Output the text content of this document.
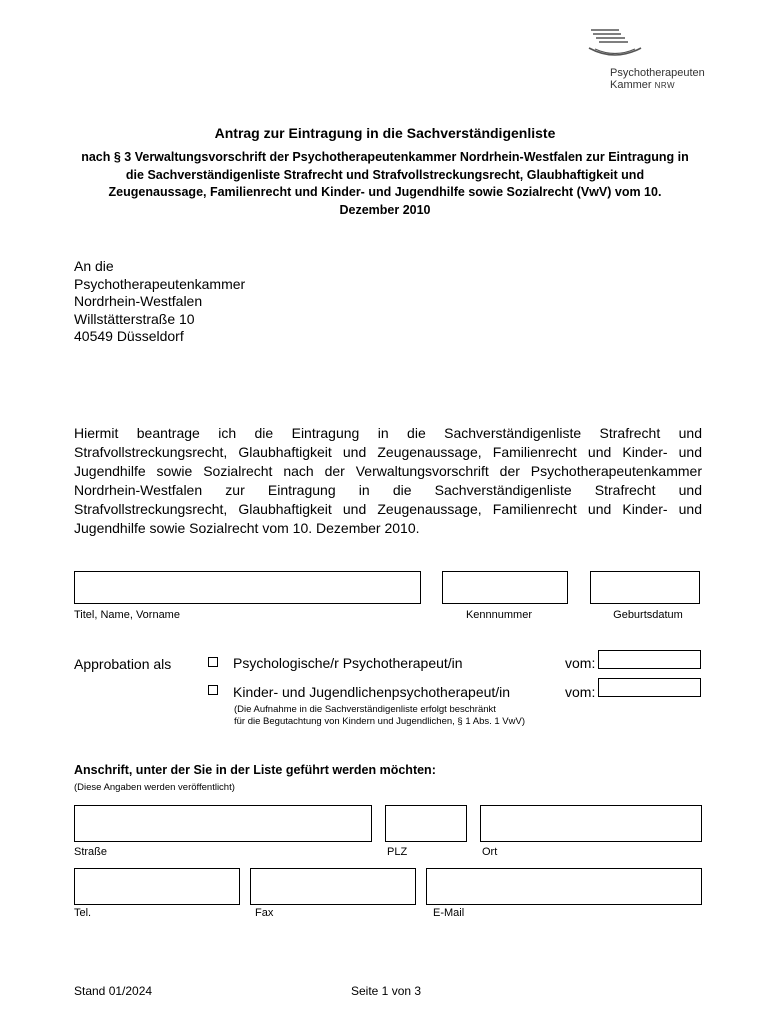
Psychotherapeuten
Kammer NRW
Antrag zur Eintragung in die Sachverständigenliste
nach § 3 Verwaltungsvorschrift der Psychotherapeutenkammer Nordrhein-Westfalen zur Eintragung in die Sachverständigenliste Strafrecht und Strafvollstreckungsrecht, Glaubhaftigkeit und Zeugenaussage, Familienrecht und Kinder- und Jugendhilfe sowie Sozialrecht (VwV) vom 10. Dezember 2010
An die
Psychotherapeutenkammer
Nordrhein-Westfalen
Willstätterstraße 10
40549 Düsseldorf
Hiermit beantrage ich die Eintragung in die Sachverständigenliste Strafrecht und Strafvollstreckungsrecht, Glaubhaftigkeit und Zeugenaussage, Familienrecht und Kinder- und Jugendhilfe sowie Sozialrecht nach der Verwaltungsvorschrift der Psychotherapeutenkammer Nordrhein-Westfalen zur Eintragung in die Sachverständigenliste Strafrecht und Strafvollstreckungsrecht, Glaubhaftigkeit und Zeugenaussage, Familienrecht und Kinder- und Jugendhilfe sowie Sozialrecht vom 10. Dezember 2010.
Titel, Name, Vorname	Kennnummer	Geburtsdatum
Approbation als	Psychologische/r Psychotherapeut/in	vom:
Kinder- und Jugendlichenpsychotherapeut/in	vom:
(Die Aufnahme in die Sachverständigenliste erfolgt beschränkt
für die Begutachtung von Kindern und Jugendlichen, § 1 Abs. 1 VwV)
Anschrift, unter der Sie in der Liste geführt werden möchten:
(Diese Angaben werden veröffentlicht)
Straße	PLZ	Ort
Tel.	Fax	E-Mail
Stand 01/2024	Seite 1 von 3
